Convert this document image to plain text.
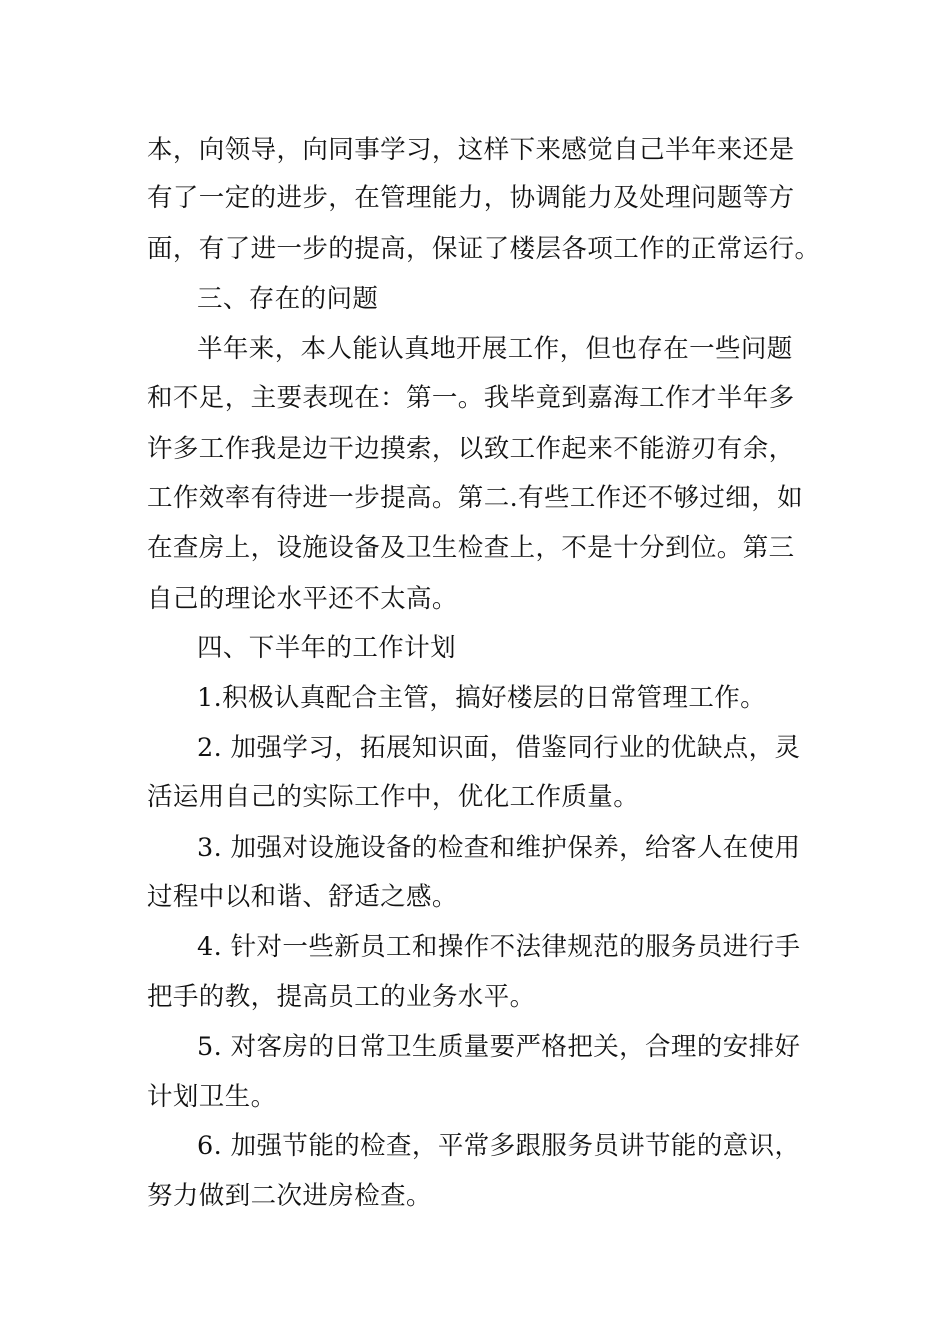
本，向领导，向同事学习，这样下来感觉自己半年来还是
有了一定的进步，在管理能力，协调能力及处理问题等方
面，有了进一步的提高，保证了楼层各项工作的正常运行。
三、存在的问题
半年来，本人能认真地开展工作，但也存在一些问题
和不足，主要表现在：第一。我毕竟到嘉海工作才半年多
许多工作我是边干边摸索，以致工作起来不能游刃有余，
工作效率有待进一步提高。第二.有些工作还不够过细，如
在查房上，设施设备及卫生检查上，不是十分到位。第三
自己的理论水平还不太高。
四、下半年的工作计划
1.积极认真配合主管，搞好楼层的日常管理工作。
2. 加强学习，拓展知识面，借鉴同行业的优缺点，灵
活运用自己的实际工作中，优化工作质量。
3. 加强对设施设备的检查和维护保养，给客人在使用
过程中以和谐、舒适之感。
4. 针对一些新员工和操作不法律规范的服务员进行手
把手的教，提高员工的业务水平。
5. 对客房的日常卫生质量要严格把关，合理的安排好
计划卫生。
6. 加强节能的检查，平常多跟服务员讲节能的意识，
努力做到二次进房检查。
